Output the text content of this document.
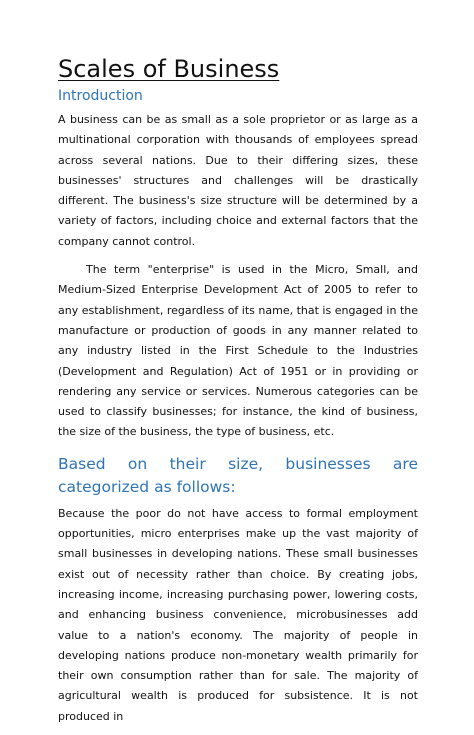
Scales of Business
Introduction

A business can be as small as a sole proprietor or as large as a multinational corporation with thousands of employees spread across several nations. Due to their differing sizes, these businesses' structures and challenges will be drastically different. The business's size structure will be determined by a variety of factors, including choice and external factors that the company cannot control.

The term "enterprise" is used in the Micro, Small, and Medium-Sized Enterprise Development Act of 2005 to refer to any establishment, regardless of its name, that is engaged in the manufacture or production of goods in any manner related to any industry listed in the First Schedule to the Industries (Development and Regulation) Act of 1951 or in providing or rendering any service or services. Numerous categories can be used to classify businesses; for instance, the kind of business, the size of the business, the type of business, etc.

Based on their size, businesses are categorized as follows:

Because the poor do not have access to formal employment opportunities, micro enterprises make up the vast majority of small businesses in developing nations. These small businesses exist out of necessity rather than choice. By creating jobs, increasing income, increasing purchasing power, lowering costs, and enhancing business convenience, microbusinesses add value to a nation's economy. The majority of people in developing nations produce non-monetary wealth primarily for their own consumption rather than for sale. The majority of agricultural wealth is produced for subsistence. It is not produced in
